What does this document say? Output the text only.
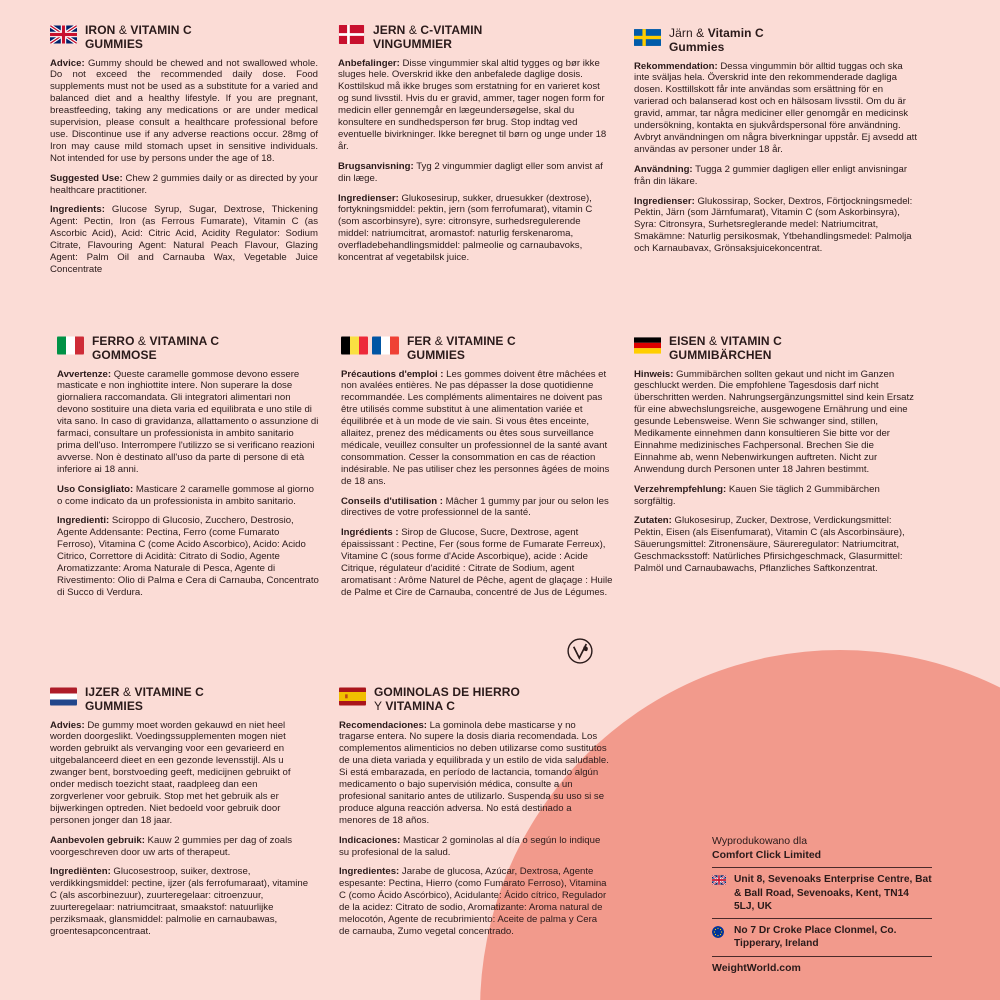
IRON & VITAMIN C
GUMMIES

Advice: Gummy should be chewed and not swallowed whole. Do not exceed the recommended daily dose. Food supplements must not be used as a substitute for a varied and balanced diet and a healthy lifestyle. If you are pregnant, breastfeeding, taking any medications or are under medical supervision, please consult a healthcare professional before use. Discontinue use if any adverse reactions occur. 28mg of Iron may cause mild stomach upset in sensitive individuals. Not intended for use by persons under the age of 18.

Suggested Use: Chew 2 gummies daily or as directed by your healthcare practitioner.

Ingredients: Glucose Syrup, Sugar, Dextrose, Thickening Agent: Pectin, Iron (as Ferrous Fumarate), Vitamin C (as Ascorbic Acid), Acid: Citric Acid, Acidity Regulator: Sodium Citrate, Flavouring Agent: Natural Peach Flavour, Glazing Agent: Palm Oil and Carnauba Wax, Vegetable Juice Concentrate

JERN & C-VITAMIN
VINGUMMIER

Anbefalinger: Disse vingummier skal altid tygges og bør ikke sluges hele. Overskrid ikke den anbefalede daglige dosis. Kosttilskud må ikke bruges som erstatning for en varieret kost og sund livsstil. Hvis du er gravid, ammer, tager nogen form for medicin eller gennemgår en lægeundersøgelse, skal du konsultere en sundhedsperson før brug. Stop indtag ved eventuelle bivirkninger. Ikke beregnet til børn og unge under 18 år.

Brugsanvisning: Tyg 2 vingummier dagligt eller som anvist af din læge.

Ingredienser: Glukosesirup, sukker, druesukker (dextrose), fortykningsmiddel: pektin, jern (som ferrofumarat), vitamin C (som ascorbinsyre), syre: citronsyre, surhedsregulerende middel: natriumcitrat, aromastof: naturlig ferskenaroma, overfladebehandlingsmiddel: palmeolie og carnaubavoks, koncentrat af vegetabilsk juice.

Järn & Vitamin C
Gummies

Rekommendation: Dessa vingummin bör alltid tuggas och ska inte sväljas hela. Överskrid inte den rekommenderade dagliga dosen. Kosttillskott får inte användas som ersättning för en varierad och balanserad kost och en hälsosam livsstil. Om du är gravid, ammar, tar några mediciner eller genomgår en medicinsk undersökning, kontakta en sjukvårdspersonal före användning. Avbryt användningen om några biverkningar uppstår. Ej avsedd att användas av personer under 18 år.

Användning: Tugga 2 gummier dagligen eller enligt anvisningar från din läkare.

Ingredienser: Glukossirap, Socker, Dextros, Förtjockningsmedel: Pektin, Järn (som Järnfumarat), Vitamin C (som Askorbinsyra), Syra: Citronsyra, Surhetsreglerande medel: Natriumcitrat, Smakämne: Naturlig persikosmak, Ytbehandlingsmedel: Palmolja och Karnaubavax, Grönsaksjuicekoncentrat.

FERRO & VITAMINA C
GOMMOSE

Avvertenze: Queste caramelle gommose devono essere masticate e non inghiottite intere. Non superare la dose giornaliera raccomandata. Gli integratori alimentari non devono sostituire una dieta varia ed equilibrata e uno stile di vita sano. In caso di gravidanza, allattamento o assunzione di farmaci, consultare un professionista in ambito sanitario prima dell'uso. Interrompere l'utilizzo se si verificano reazioni avverse. Non è destinato all'uso da parte di persone di età inferiore ai 18 anni.

Uso Consigliato: Masticare 2 caramelle gommose al giorno o come indicato da un professionista in ambito sanitario.

Ingredienti: Sciroppo di Glucosio, Zucchero, Destrosio, Agente Addensante: Pectina, Ferro (come Fumarato Ferroso), Vitamina C (come Acido Ascorbico), Acido: Acido Citrico, Correttore di Acidità: Citrato di Sodio, Agente Aromatizzante: Aroma Naturale di Pesca, Agente di Rivestimento: Olio di Palma e Cera di Carnauba, Concentrato di Succo di Verdura.

FER & VITAMINE C
GUMMIES

Précautions d'emploi : Les gommes doivent être mâchées et non avalées entières. Ne pas dépasser la dose quotidienne recommandée. Les compléments alimentaires ne doivent pas être utilisés comme substitut à une alimentation variée et équilibrée et à un mode de vie sain. Si vous êtes enceinte, allaitez, prenez des médicaments ou êtes sous surveillance médicale, veuillez consulter un professionnel de la santé avant consommation. Cesser la consommation en cas de réaction indésirable. Ne pas utiliser chez les personnes âgées de moins de 18 ans.

Conseils d'utilisation : Mâcher 1 gummy par jour ou selon les directives de votre professionnel de la santé.

Ingrédients : Sirop de Glucose, Sucre, Dextrose, agent épaississant : Pectine, Fer (sous forme de Fumarate Ferreux), Vitamine C (sous forme d'Acide Ascorbique), acide : Acide Citrique, régulateur d'acidité : Citrate de Sodium, agent aromatisant : Arôme Naturel de Pêche, agent de glaçage : Huile de Palme et Cire de Carnauba, concentré de Jus de Légumes.

EISEN & VITAMIN C
GUMMIBÄRCHEN

Hinweis: Gummibärchen sollten gekaut und nicht im Ganzen geschluckt werden. Die empfohlene Tagesdosis darf nicht überschritten werden. Nahrungsergänzungsmittel sind kein Ersatz für eine abwechslungsreiche, ausgewogene Ernährung und eine gesunde Lebensweise. Wenn Sie schwanger sind, stillen, Medikamente einnehmen dann konsultieren Sie bitte vor der Einnahme medizinisches Fachpersonal. Brechen Sie die Einnahme ab, wenn Nebenwirkungen auftreten. Nicht zur Anwendung durch Personen unter 18 Jahren bestimmt.

Verzehrempfehlung: Kauen Sie täglich 2 Gummibärchen sorgfältig.

Zutaten: Glukosesirup, Zucker, Dextrose, Verdickungsmittel: Pektin, Eisen (als Eisenfumarat), Vitamin C (als Ascorbinsäure), Säuerungsmittel: Zitronensäure, Säureregulator: Natriumcitrat, Geschmacksstoff: Natürliches Pfirsichgeschmack, Glasurmittel: Palmöl und Carnaubawachs, Pflanzliches Saftkonzentrat.

IJZER & VITAMINE C
GUMMIES

Advies: De gummy moet worden gekauwd en niet heel worden doorgeslikt. Voedingssupplementen mogen niet worden gebruikt als vervanging voor een gevarieerd en uitgebalanceerd dieet en een gezonde levensstijl. Als u zwanger bent, borstvoeding geeft, medicijnen gebruikt of onder medisch toezicht staat, raadpleeg dan een zorgverlener voor gebruik. Stop met het gebruik als er bijwerkingen optreden. Niet bedoeld voor gebruik door personen jonger dan 18 jaar.

Aanbevolen gebruik: Kauw 2 gummies per dag of zoals voorgeschreven door uw arts of therapeut.

Ingrediënten: Glucosestroop, suiker, dextrose, verdikkingsmiddel: pectine, ijzer (als ferrofumaraat), vitamine C (als ascorbinezuur), zuurteregelaar: citroenzuur, zuurteregelaar: natriumcitraat, smaakstof: natuurlijke perziksmaak, glansmiddel: palmolie en carnaubawas, groentesapconcentraat.

GOMINOLAS DE HIERRO
Y VITAMINA C

Recomendaciones: La gominola debe masticarse y no tragarse entera. No supere la dosis diaria recomendada. Los complementos alimenticios no deben utilizarse como sustitutos de una dieta variada y equilibrada y un estilo de vida saludable. Si está embarazada, en período de lactancia, tomando algún medicamento o bajo supervisión médica, consulte a un profesional sanitario antes de utilizarlo. Suspenda su uso si se produce alguna reacción adversa. No está destinado a menores de 18 años.

Indicaciones: Masticar 2 gominolas al día o según lo indique su profesional de la salud.

Ingredientes: Jarabe de glucosa, Azúcar, Dextrosa, Agente espesante: Pectina, Hierro (como Fumarato Ferroso), Vitamina C (como Ácido Ascórbico), Acidulante: Ácido cítrico, Regulador de la acidez: Citrato de sodio, Aromatizante: Aroma natural de melocotón, Agente de recubrimiento: Aceite de palma y Cera de carnauba, Zumo vegetal concentrado.

Wyprodukowano dla
Comfort Click Limited
Unit 8, Sevenoaks Enterprise Centre, Bat & Ball Road, Sevenoaks, Kent, TN14 5LJ, UK
No 7 Dr Croke Place Clonmel, Co. Tipperary, Ireland
WeightWorld.com
